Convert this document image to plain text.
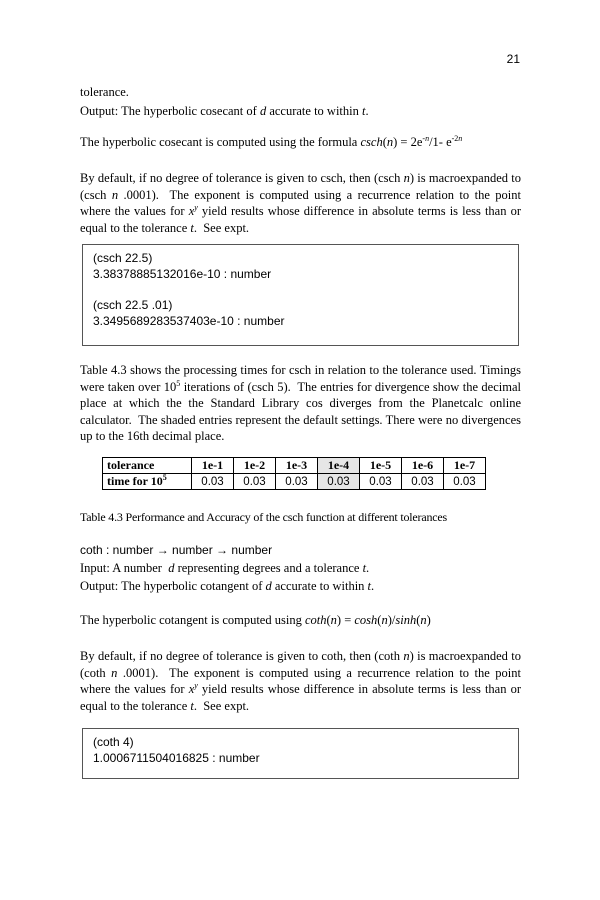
21

tolerance.

Output: The hyperbolic cosecant of d accurate to within t.

The hyperbolic cosecant is computed using the formula $\csc h(n) = 2e^{-n}/1-$ $e^{-2n}$

By default, if no degree of tolerance is given to csch, then (csch n) is macroexpanded to (csch n .0001).  The exponent is computed using a recurrence relation to the point where the values for $x^y$ yield results whose difference in absolute terms is less than or equal to the tolerance t.  See expt.

(csch 22.5)
3.38378885132016e-10 : number
(csch 22.5 .01)
3.3495689283537403e-10 : number

Table 4.3 shows the processing times for csch in relation to the tolerance used. Timings were taken over $10^5$ iterations of (csch 5).  The entries for divergence show the decimal place at which the the Standard Library cos diverges from the Planetcalc online calculator.  The shaded entries represent the default settings. There were no divergences up to the 16th decimal place.

tolerance	1e-1	1e-2	1e-3	1e-4	1e-5	1e-6	1e-7
time for $10^5$	0.03	0.03	0.03	0.03	0.03	0.03	0.03

Table 4.3 Performance and Accuracy of the csch function at different tolerances

coth : number → number → number

Input: A number  d representing degrees and a tolerance t.

Output: The hyperbolic cotangent of d accurate to within t.

The hyperbolic cotangent is computed using coth(n) = cosh(n)/sinh(n)

By default, if no degree of tolerance is given to coth, then (coth n) is macroexpanded to (coth n .0001).  The exponent is computed using a recurrence relation to the point where the values for $x^y$ yield results whose difference in absolute terms is less than or equal to the tolerance t.  See expt.

(coth 4)
1.0006711504016825 : number
